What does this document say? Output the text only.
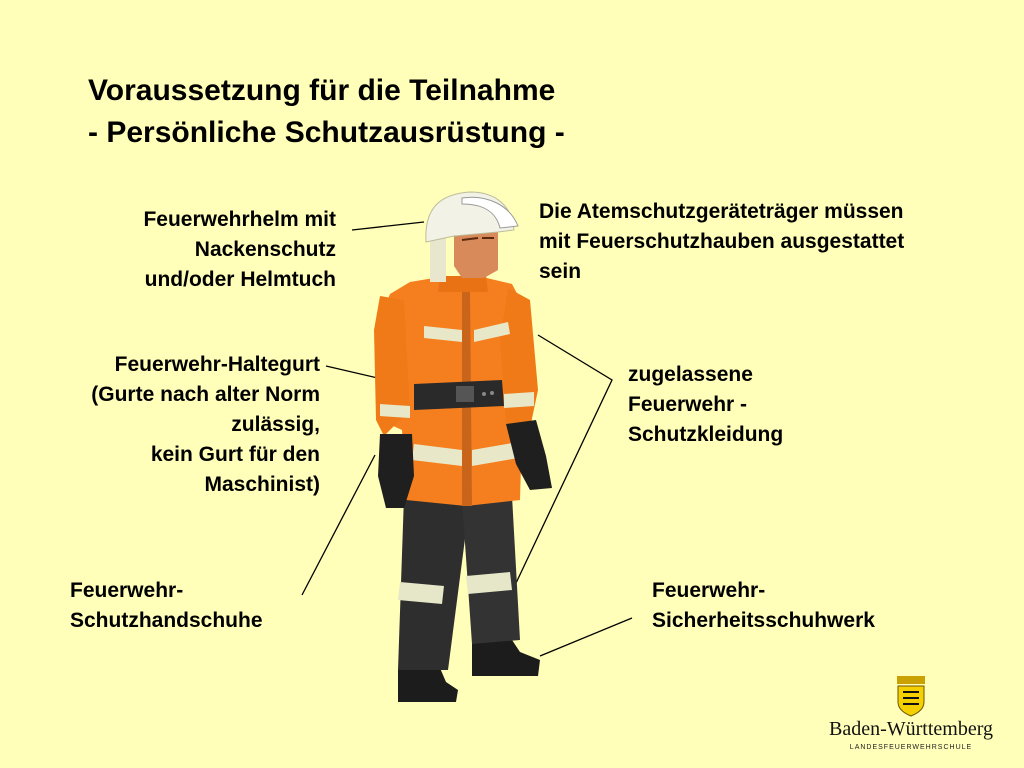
Voraussetzung für die Teilnahme
- Persönliche Schutzausrüstung -
Feuerwehrhelm mit
Nackenschutz
und/oder Helmtuch
Die Atemschutzgeräteträger müssen
mit Feuerschutzhauben ausgestattet
sein
Feuerwehr-Haltegurt
(Gurte nach alter Norm
zulässig,
kein Gurt für den
Maschinist)
zugelassene
Feuerwehr -
Schutzkleidung
Feuerwehr-
Schutzhandschuhe
Feuerwehr-
Sicherheitsschuhwerk
Baden-Württemberg
LANDESFEUERWEHRSCHULE
